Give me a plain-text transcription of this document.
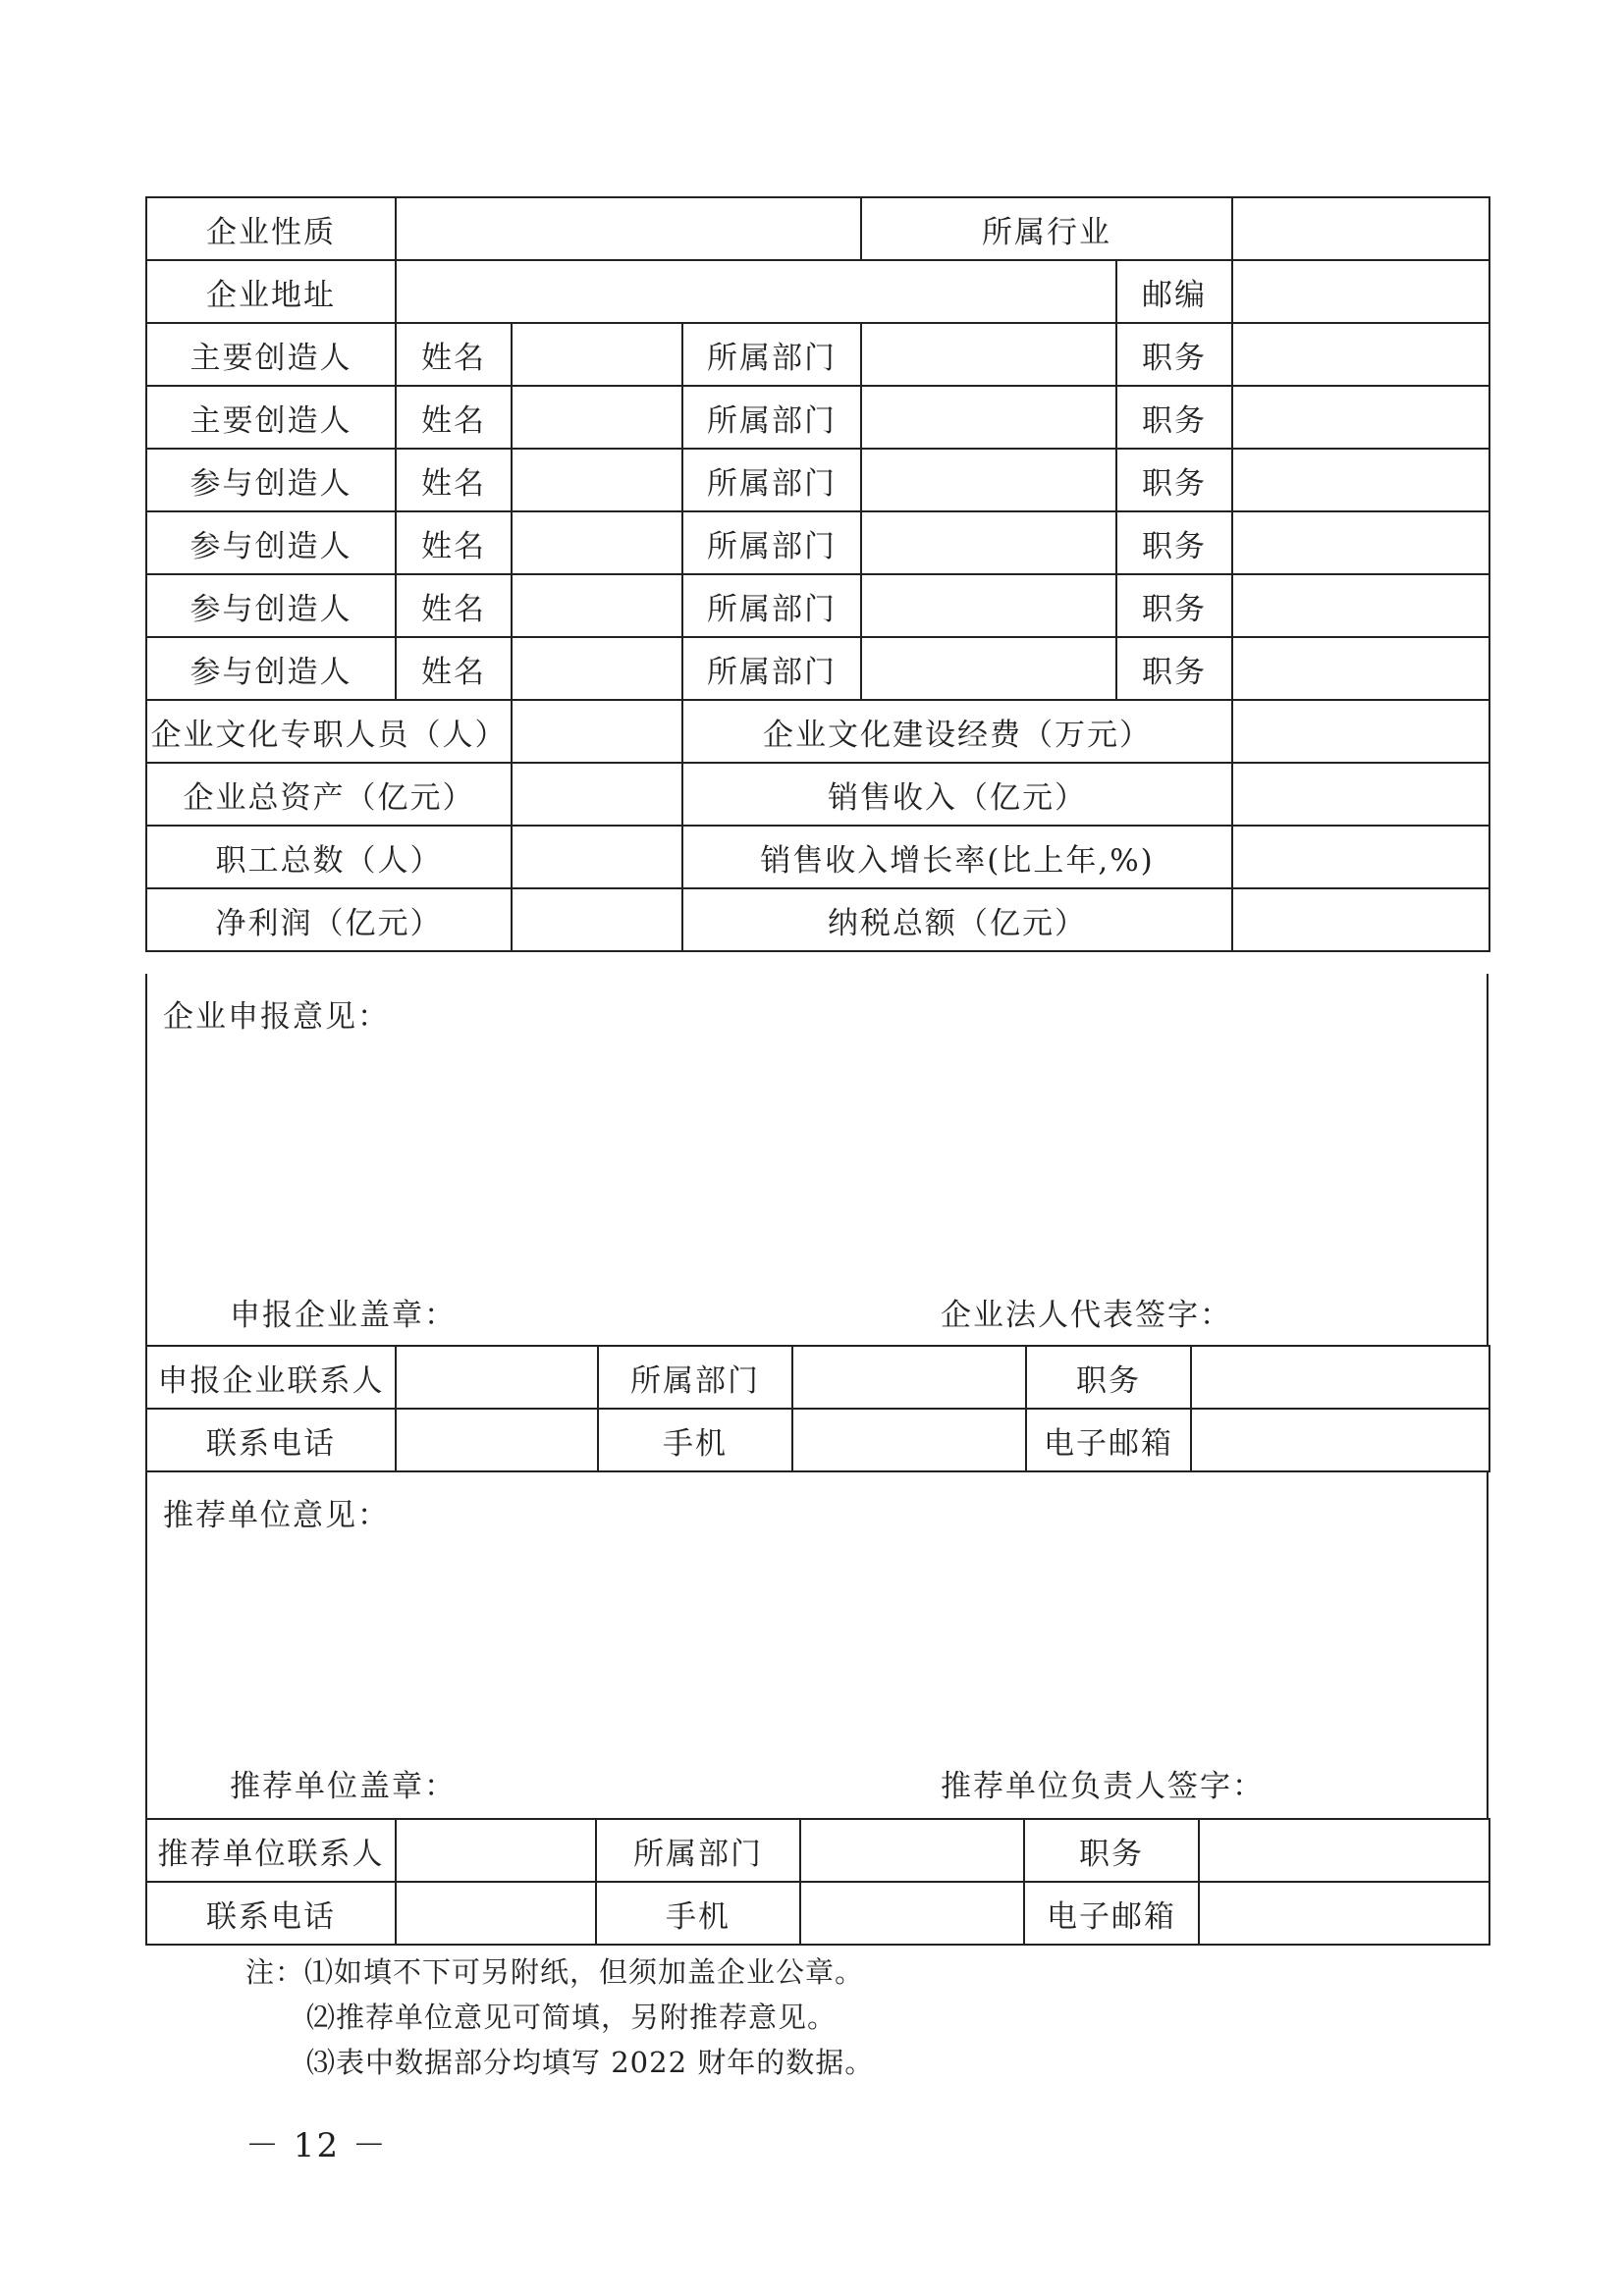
企业性质				所属行业		
企业地址					邮编	
主要创造人	姓名		所属部门		职务	
主要创造人	姓名		所属部门		职务	
参与创造人	姓名		所属部门		职务	
参与创造人	姓名		所属部门		职务	
参与创造人	姓名		所属部门		职务	
参与创造人	姓名		所属部门		职务	
企业文化专职人员（人）			企业文化建设经费（万元）			
企业总资产（亿元）			销售收入（亿元）			
职工总数（人）			销售收入增长率(比上年,%)			
净利润（亿元）			纳税总额（亿元）			
企业申报意见：
申报企业盖章：	企业法人代表签字：
申报企业联系人		所属部门		职务	
联系电话		手机		电子邮箱	
推荐单位意见：
推荐单位盖章：	推荐单位负责人签字：
推荐单位联系人		所属部门		职务	
联系电话		手机		电子邮箱	
注：⑴如填不下可另附纸，但须加盖企业公章。
⑵推荐单位意见可简填，另附推荐意见。
⑶表中数据部分均填写 2022 财年的数据。
－ 12 －
